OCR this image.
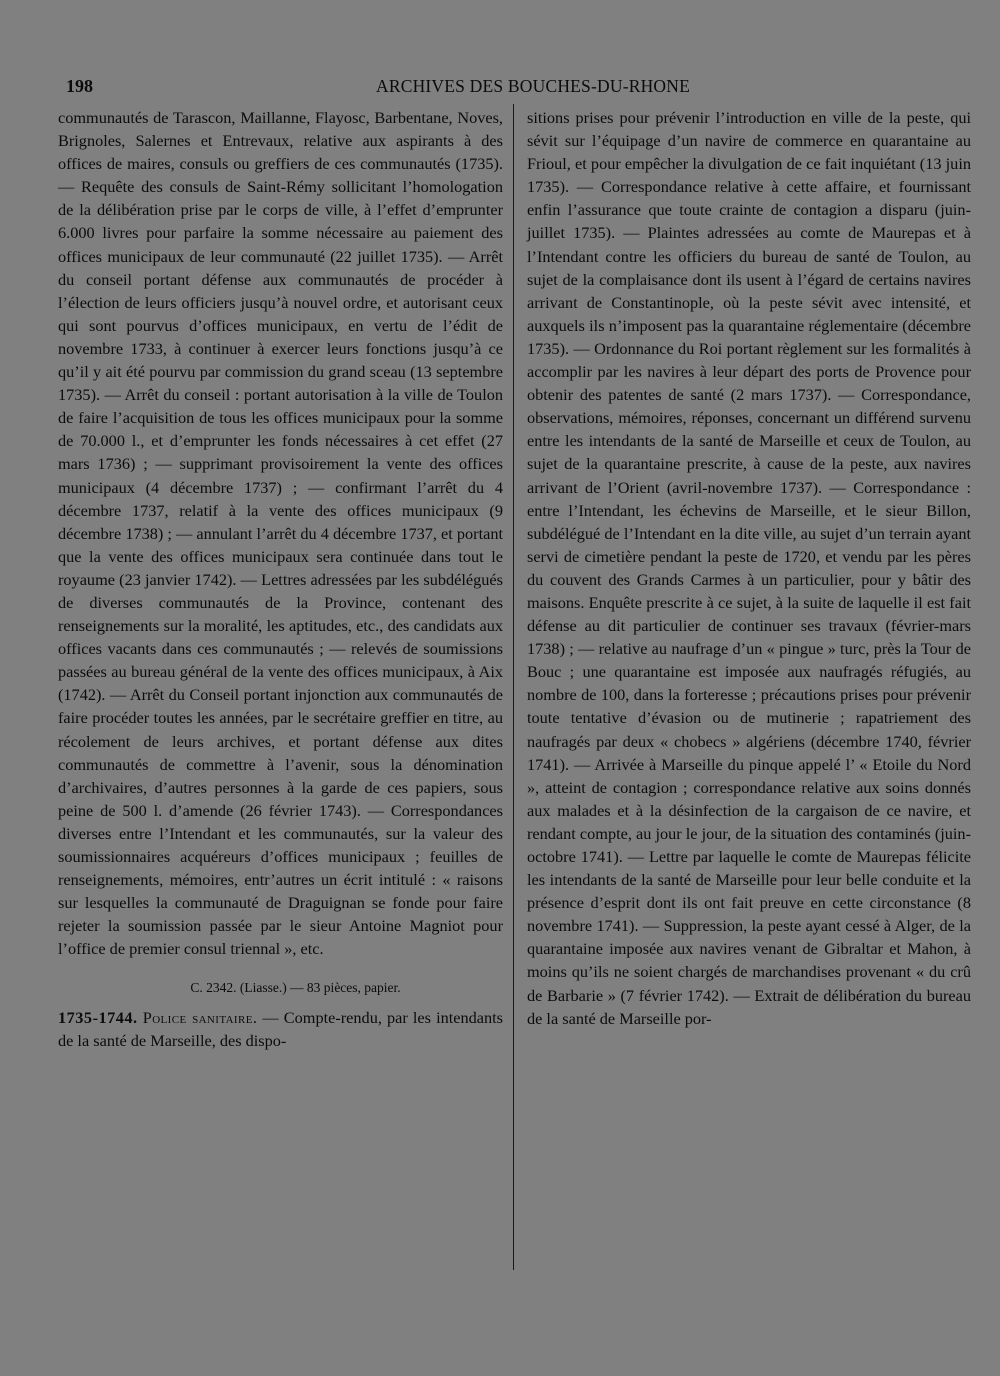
198	ARCHIVES DES BOUCHES-DU-RHONE

communautés de Tarascon, Maillanne, Flayosc, Barbentane, Noves, Brignoles, Salernes et Entrevaux, relative aux aspirants à des offices de maires, consuls ou greffiers de ces communautés (1735). — Requête des consuls de Saint-Rémy sollicitant l’homologation de la délibération prise par le corps de ville, à l’effet d’emprunter 6.000 livres pour parfaire la somme nécessaire au paiement des offices municipaux de leur communauté (22 juillet 1735). — Arrêt du conseil portant défense aux communautés de procéder à l’élection de leurs officiers jusqu’à nouvel ordre, et autorisant ceux qui sont pourvus d’offices municipaux, en vertu de l’édit de novembre 1733, à continuer à exercer leurs fonctions jusqu’à ce qu’il y ait été pourvu par commission du grand sceau (13 septembre 1735). — Arrêt du conseil : portant autorisation à la ville de Toulon de faire l’acquisition de tous les offices municipaux pour la somme de 70.000 l., et d’emprunter les fonds nécessaires à cet effet (27 mars 1736) ; — supprimant provisoirement la vente des offices municipaux (4 décembre 1737) ; — confirmant l’arrêt du 4 décembre 1737, relatif à la vente des offices municipaux (9 décembre 1738) ; — annulant l’arrêt du 4 décembre 1737, et portant que la vente des offices municipaux sera continuée dans tout le royaume (23 janvier 1742). — Lettres adressées par les subdélégués de diverses communautés de la Province, contenant des renseignements sur la moralité, les aptitudes, etc., des candidats aux offices vacants dans ces communautés ; — relevés de soumissions passées au bureau général de la vente des offices municipaux, à Aix (1742). — Arrêt du Conseil portant injonction aux communautés de faire procéder toutes les années, par le secrétaire greffier en titre, au récolement de leurs archives, et portant défense aux dites communautés de commettre à l’avenir, sous la dénomination d’archivaires, d’autres personnes à la garde de ces papiers, sous peine de 500 l. d’amende (26 février 1743). — Correspondances diverses entre l’Intendant et les communautés, sur la valeur des soumissionnaires acquéreurs d’offices municipaux ; feuilles de renseignements, mémoires, entr’autres un écrit intitulé : « raisons sur lesquelles la communauté de Draguignan se fonde pour faire rejeter la soumission passée par le sieur Antoine Magniot pour l’office de premier consul triennal », etc.

C. 2342. (Liasse.) — 83 pièces, papier.

1735-1744. Police sanitaire. — Compte-rendu, par les intendants de la santé de Marseille, des dispo-

sitions prises pour prévenir l’introduction en ville de la peste, qui sévit sur l’équipage d’un navire de commerce en quarantaine au Frioul, et pour empêcher la divulgation de ce fait inquiétant (13 juin 1735). — Correspondance relative à cette affaire, et fournissant enfin l’assurance que toute crainte de contagion a disparu (juin-juillet 1735). — Plaintes adressées au comte de Maurepas et à l’Intendant contre les officiers du bureau de santé de Toulon, au sujet de la complaisance dont ils usent à l’égard de certains navires arrivant de Constantinople, où la peste sévit avec intensité, et auxquels ils n’imposent pas la quarantaine réglementaire (décembre 1735). — Ordonnance du Roi portant règlement sur les formalités à accomplir par les navires à leur départ des ports de Provence pour obtenir des patentes de santé (2 mars 1737). — Correspondance, observations, mémoires, réponses, concernant un différend survenu entre les intendants de la santé de Marseille et ceux de Toulon, au sujet de la quarantaine prescrite, à cause de la peste, aux navires arrivant de l’Orient (avril-novembre 1737). — Correspondance : entre l’Intendant, les échevins de Marseille, et le sieur Billon, subdélégué de l’Intendant en la dite ville, au sujet d’un terrain ayant servi de cimetière pendant la peste de 1720, et vendu par les pères du couvent des Grands Carmes à un particulier, pour y bâtir des maisons. Enquête prescrite à ce sujet, à la suite de laquelle il est fait défense au dit particulier de continuer ses travaux (février-mars 1738) ; — relative au naufrage d’un « pingue » turc, près la Tour de Bouc ; une quarantaine est imposée aux naufragés réfugiés, au nombre de 100, dans la forteresse ; précautions prises pour prévenir toute tentative d’évasion ou de mutinerie ; rapatriement des naufragés par deux « chobecs » algériens (décembre 1740, février 1741). — Arrivée à Marseille du pinque appelé l’ « Etoile du Nord », atteint de contagion ; correspondance relative aux soins donnés aux malades et à la désinfection de la cargaison de ce navire, et rendant compte, au jour le jour, de la situation des contaminés (juin-octobre 1741). — Lettre par laquelle le comte de Maurepas félicite les intendants de la santé de Marseille pour leur belle conduite et la présence d’esprit dont ils ont fait preuve en cette circonstance (8 novembre 1741). — Suppression, la peste ayant cessé à Alger, de la quarantaine imposée aux navires venant de Gibraltar et Mahon, à moins qu’ils ne soient chargés de marchandises provenant « du crû de Barbarie » (7 février 1742). — Extrait de délibération du bureau de la santé de Marseille por-
